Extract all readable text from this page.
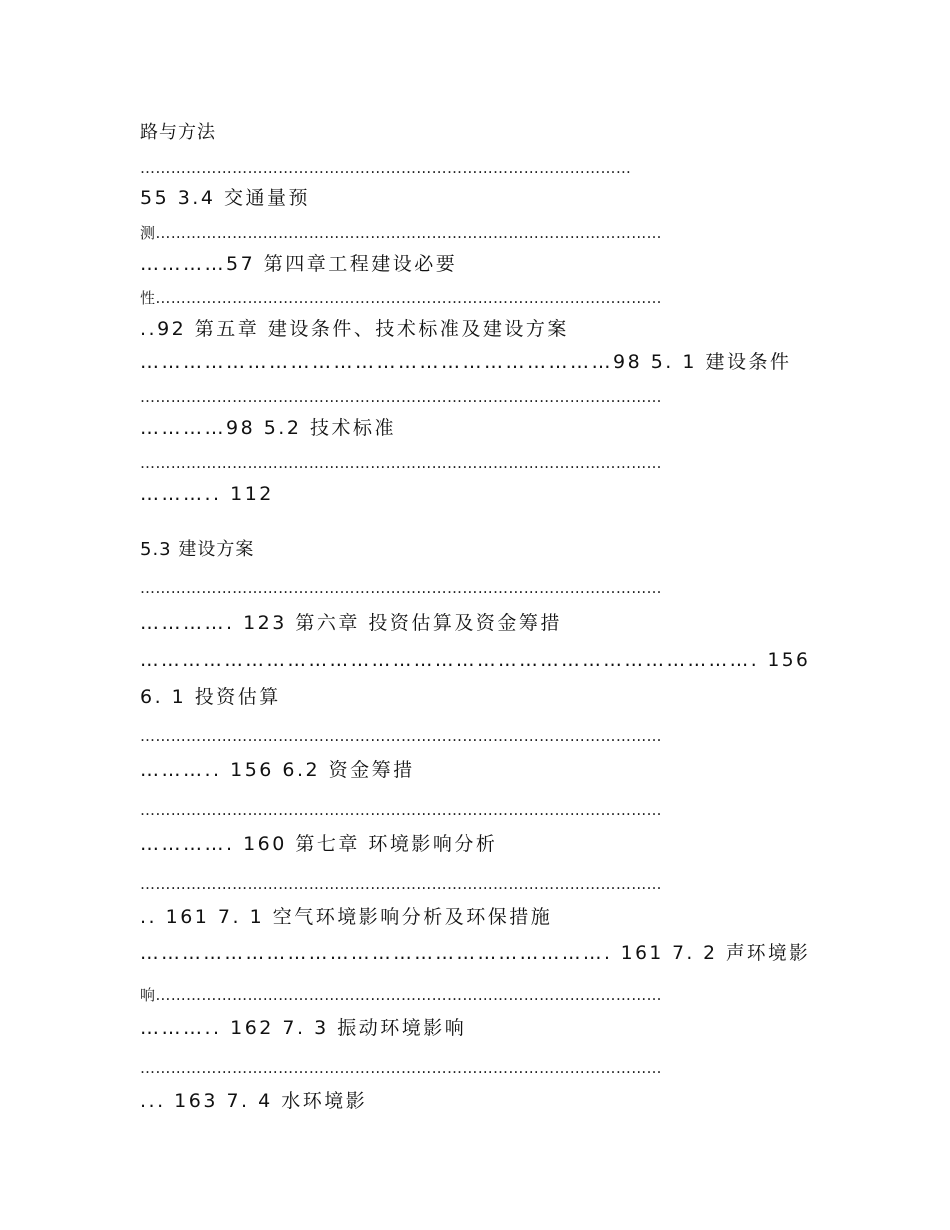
路与方法
……………………………………………………………………………………
55 3.4 交通量预
测………………………………………………………………………………………
…………57 第四章工程建设必要
性………………………………………………………………………………………
..92 第五章 建设条件、技术标准及建设方案
…………………………………………………………98 5. 1 建设条件
…………………………………………………………………………………………
…………98 5.2 技术标准
…………………………………………………………………………………………
……….. 112
5.3 建设方案
…………………………………………………………………………………………
…………. 123 第六章 投资估算及资金筹措
……………………………………………………………………………. 156
6. 1 投资估算
…………………………………………………………………………………………
……….. 156 6.2 资金筹措
…………………………………………………………………………………………
…………. 160 第七章 环境影响分析
…………………………………………………………………………………………
.. 161 7. 1 空气环境影响分析及环保措施
…………………………………………………………. 161 7. 2 声环境影
响………………………………………………………………………………………
……….. 162 7. 3 振动环境影响
…………………………………………………………………………………………
... 163 7. 4 水环境影
